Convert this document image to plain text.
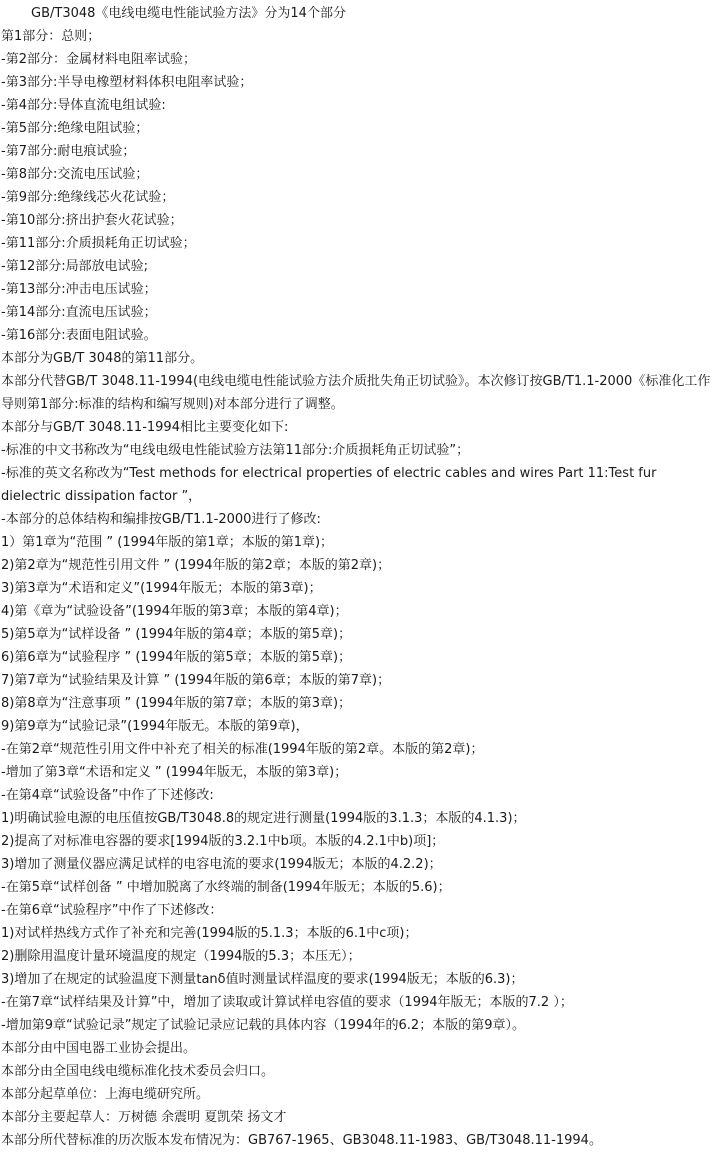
GB/T3048《电线电缆电性能试验方法》分为14个部分

第1部分：总则；

-第2部分：金属材料电阻率试验；

-第3部分:半导电橡塑材料体积电阻率试验；

-第4部分:导体直流电组试验:

-第5部分:绝缘电阻试验；

-第7部分:耐电痕试验；

-第8部分:交流电压试验；

-第9部分:绝缘线芯火花试验；

-第10部分:挤出护套火花试验；

-第11部分:介质损耗角正切试验；

-第12部分:局部放电试验;

-第13部分:冲击电压试验；

-第14部分:直流电压试验；

-第16部分:表面电阻试验。

本部分为GB/T 3048的第11部分。

本部分代替GB/T 3048.11-1994(电线电缆电性能试验方法介质批失角正切试验》。本次修订按GB/T1.1-2000《标准化工作导则第1部分:标准的结构和编写规则)对本部分进行了调整。

本部分与GB/T 3048.11-1994相比主要变化如下:

-标准的中文书称改为“电线电级电性能试验方法第11部分:介质损耗角正切试验”；

-标准的英文名称改为“Test methods for electrical properties of electric cables and wires Part 11:Test fur dielectric dissipation factor ”，

-本部分的总体结构和编排按GB/T1.1-2000进行了修改:

1）第1章为“范围 ” (1994年版的第1章；本版的第1章)；

2)第2章为“规范性引用文件 ” (1994年版的第2章；本版的第2章)；

3)第3章为“术语和定义”(1994年版无；本版的第3章)；

4)第《章为“试验设备”(1994年版的第3章；本版的第4章)；

5)第5章为“试样设备 ” (1994年版的第4章；本版的第5章)；

6)第6章为“试验程序 ” (1994年版的第5章；本版的第5章)；

7)第7章为“试验结果及计算 ” (1994年版的第6章；本版的第7章)；

8)第8章为“注意事项 ” (1994年版的第7章；本版的第3章)；

9)第9章为“试验记录”(1994年版无。本版的第9章)，

-在第2章“规范性引用文件中补充了相关的标准(1994年版的第2章。本版的第2章)；

-增加了第3章“术语和定义 ” (1994年版无，本版的第3章)；

-在第4章“试验设备”中作了下述修改:

1)明确试验电源的电压值按GB/T3048.8的规定进行测量(1994版的3.1.3；本版的4.1.3)；

2)提高了对标准电容器的要求[1994版的3.2.1中b项。本版的4.2.1中b)项]；

3)增加了测量仪器应满足试样的电容电流的要求(1994版无；本版的4.2.2)；

-在第5章“试样创备 ” 中增加脱离了水终端的制备(1994年版无；本版的5.6)；

-在第6章“试验程序”中作了下述修改：

1)对试样热线方式作了补充和完善(1994版的5.1.3；本版的6.1中c项)；

2)删除用温度计量环境温度的规定（1994版的5.3；本压无）；

3)增加了在规定的试验温度下测量tanδ值时测量试样温度的要求(1994版无；本版的6.3)；

-在第7章“试样结果及计算”中，增加了读取或计算试样电容值的要求（1994年版无；本版的7.2 ）；

-增加第9章“试验记录”规定了试验记录应记载的具体内容（1994年的6.2；本版的第9章）。

本部分由中国电器工业协会提出。

本部分由全国电线电缆标准化技术委员会归口。

本部分起草单位：上海电缆研究所。

本部分主要起草人：万树德 余震明 夏凯荣 扬文才

本部分所代替标准的历次版本发布情况为：GB767-1965、GB3048.11-1983、GB/T3048.11-1994。
